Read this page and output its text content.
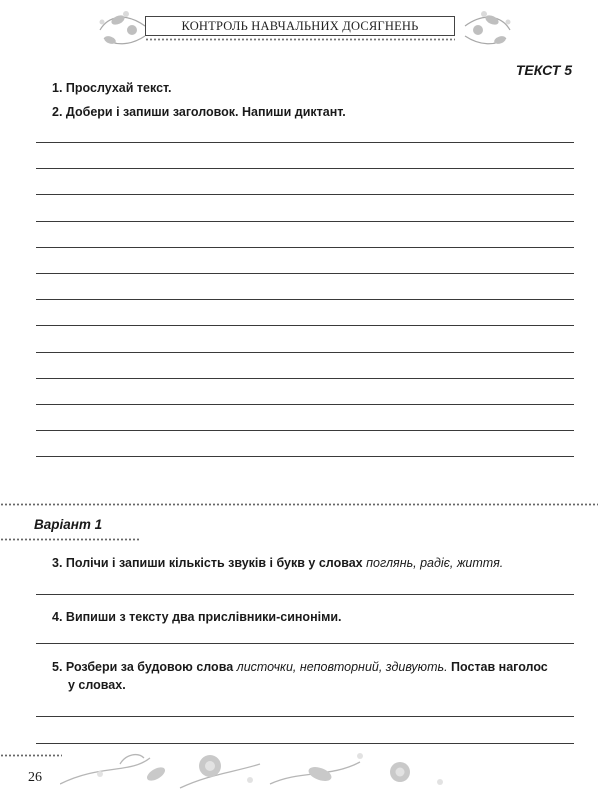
КОНТРОЛЬ НАВЧАЛЬНИХ ДОСЯГНЕНЬ
ТЕКСТ 5
1. Прослухай текст.
2. Добери і запиши заголовок. Напиши диктант.
Варіант 1
3. Полічи і запиши кількість звуків і букв у словах поглянь, радіє, життя.
4. Випиши з тексту два прислівники-синоніми.
5. Розбери за будовою слова листочки, неповторний, здивують. Постав наголос
у словах.
26
